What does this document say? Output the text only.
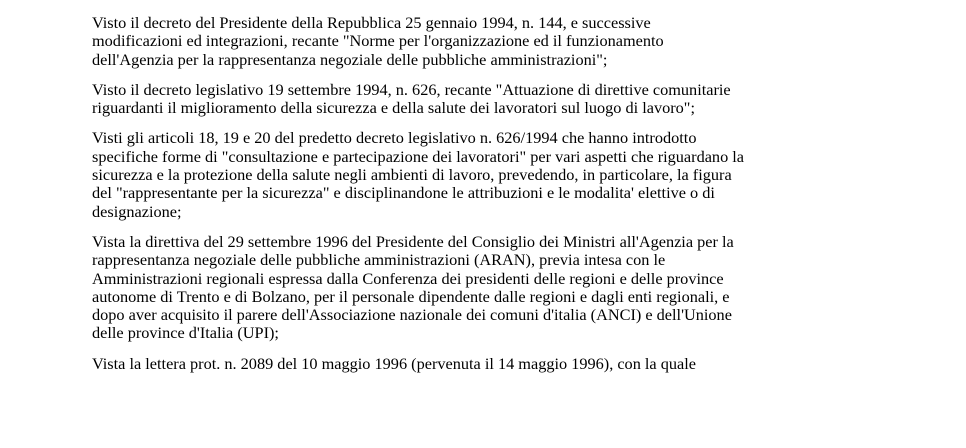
Visto il decreto del Presidente della Repubblica 25 gennaio 1994, n. 144, e successive
modificazioni ed integrazioni, recante "Norme per l'organizzazione ed il funzionamento
dell'Agenzia per la rappresentanza negoziale delle pubbliche amministrazioni";

Visto il decreto legislativo 19 settembre 1994, n. 626, recante "Attuazione di direttive comunitarie
riguardanti il miglioramento della sicurezza e della salute dei lavoratori sul luogo di lavoro";

Visti gli articoli 18, 19 e 20 del predetto decreto legislativo n. 626/1994 che hanno introdotto
specifiche forme di "consultazione e partecipazione dei lavoratori" per vari aspetti che riguardano la
sicurezza e la protezione della salute negli ambienti di lavoro, prevedendo, in particolare, la figura
del "rappresentante per la sicurezza" e disciplinandone le attribuzioni e le modalita' elettive o di
designazione;

Vista la direttiva del 29 settembre 1996 del Presidente del Consiglio dei Ministri all'Agenzia per la
rappresentanza negoziale delle pubbliche amministrazioni (ARAN), previa intesa con le
Amministrazioni regionali espressa dalla Conferenza dei presidenti delle regioni e delle province
autonome di Trento e di Bolzano, per il personale dipendente dalle regioni e dagli enti regionali, e
dopo aver acquisito il parere dell'Associazione nazionale dei comuni d'italia (ANCI) e dell'Unione
delle province d'Italia (UPI);

Vista la lettera prot. n. 2089 del 10 maggio 1996 (pervenuta il 14 maggio 1996), con la quale
